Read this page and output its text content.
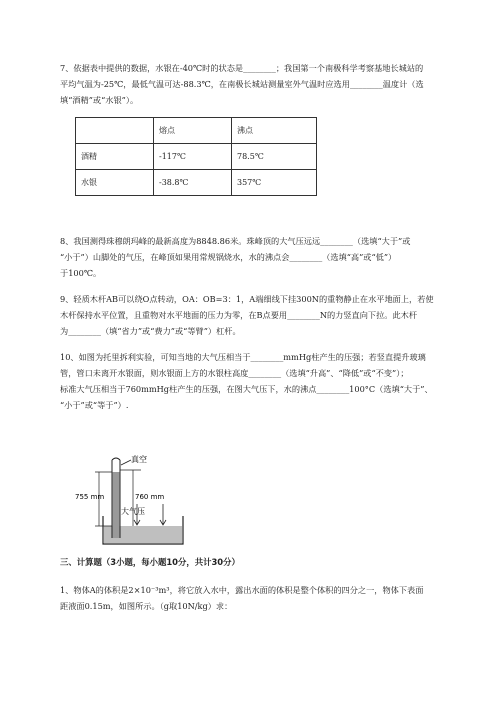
7、依据表中提供的数据，水银在-40℃时的状态是________；我国第一个南极科学考察基地长城站的
平均气温为-25℃，最低气温可达-88.3℃，在南极长城站测量室外气温时应选用________温度计（选
填“酒精”或“水银”）。
	熔点	沸点
酒精	-117℃	78.5℃
水银	-38.8℃	357℃
8、我国测得珠穆朗玛峰的最新高度为8848.86米。珠峰顶的大气压远远________（选填“大于”或
“小于”）山脚处的气压，在峰顶如果用常规锅烧水，水的沸点会________（选填“高”或“低”）
于100℃。
9、轻质木杆AB可以绕O点转动，OA：OB=3：1，A端细线下挂300N的重物静止在水平地面上，若使
木杆保持水平位置，且重物对水平地面的压力为零，在B点要用________N的力竖直向下拉。此木杆
为________（填“省力”或“费力”或“等臂”）杠杆。
10、如图为托里拆利实验，可知当地的大气压相当于________mmHg柱产生的压强；若竖直提升玻璃
管，管口未离开水银面，则水银面上方的水银柱高度________（选填“升高”、“降低”或“不变”）；
标准大气压相当于760mmHg柱产生的压强，在图大气压下，水的沸点________100°C（选填“大于”、
“小于”或“等于”）.
真空
755 mm	760 mm
大气压
三、计算题（3小题，每小题10分，共计30分）
1、物体A的体积是2×10⁻³m³，将它放入水中，露出水面的体积是整个体积的四分之一，物体下表面
距液面0.15m，如图所示。（g取10N/kg）求：
